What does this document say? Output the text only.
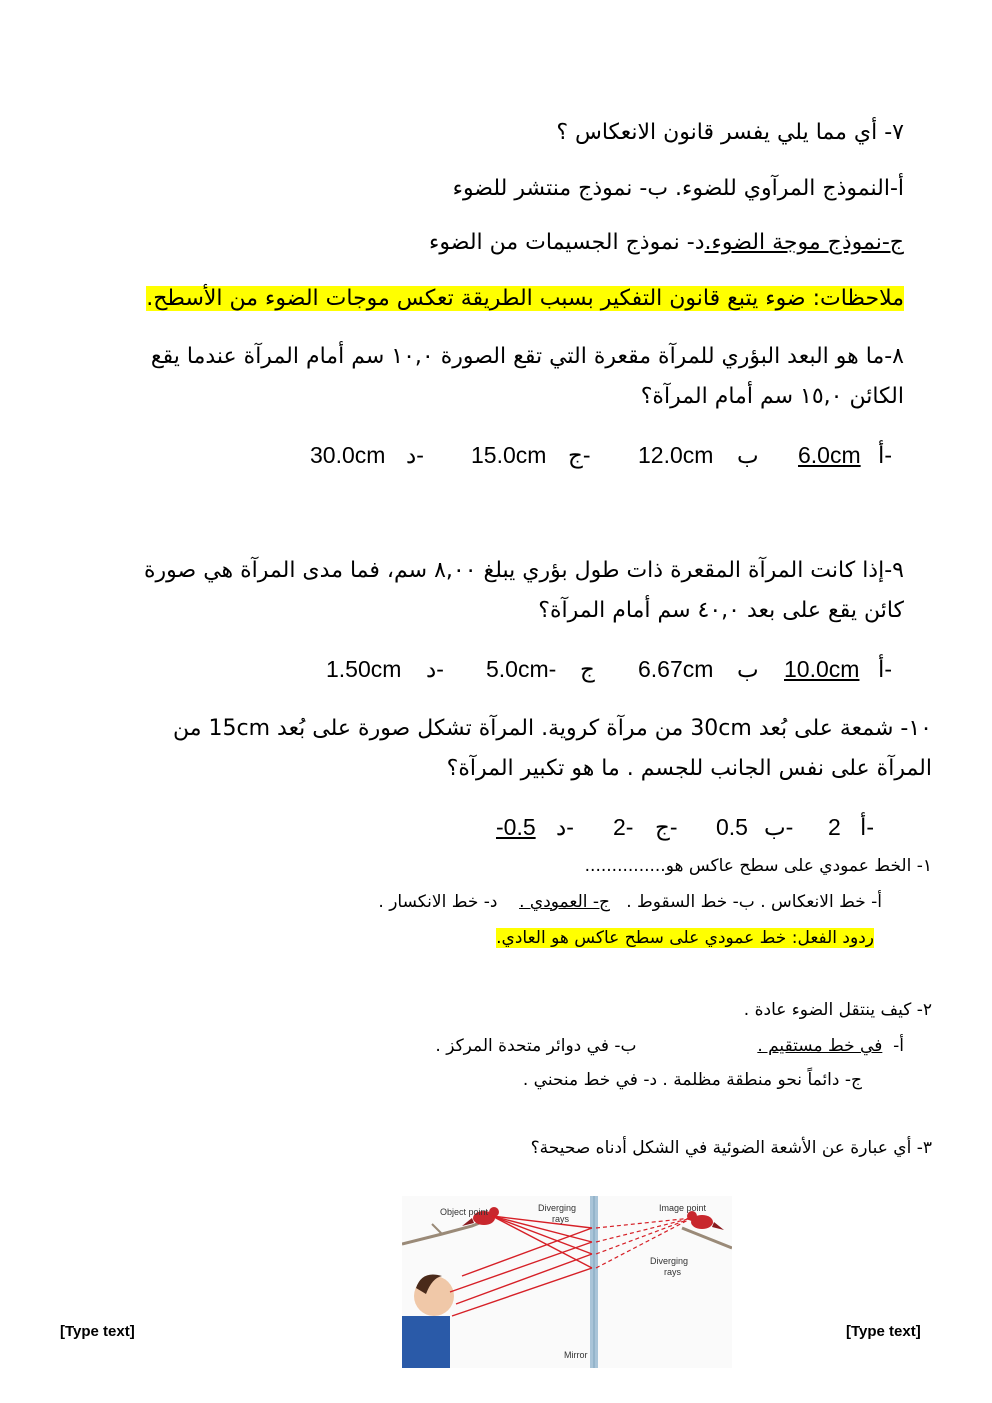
٧- أي مما يلي يفسر قانون الانعكاس ؟
أ-النموذج المرآوي للضوء. ب- نموذج منتشر للضوء
ج-نموذج موجة الضوء.د- نموذج الجسيمات من الضوء
ملاحظات: ضوء يتبع قانون التفكير بسبب الطريقة تعكس موجات الضوء من الأسطح.
٨-ما هو البعد البؤري للمرآة مقعرة التي تقع الصورة ١٠,٠ سم أمام المرآة عندما يقع
الكائن ١٥,٠ سم أمام المرآة؟
أ-
6.0cm
ب
12.0cm
ج-
15.0cm
د-
30.0cm
٩-إذا كانت المرآة المقعرة ذات طول بؤري يبلغ ٨,٠٠ سم، فما مدى المرآة هي صورة
كائن يقع على بعد ٤٠,٠ سم أمام المرآة؟
أ-
10.0cm
ب
6.67cm
ج
5.0cm-
د-
1.50cm
١٠- شمعة على بُعد 30cm من مرآة كروية. المرآة تشكل صورة على بُعد 15cm من
المرآة على نفس الجانب للجسم . ما هو تكبير المرآة؟
أ-
2
ب-
0.5
ج-
2-
د-
-0.5
١- الخط عمودي على سطح عاكس هو...............
أ- خط الانعكاس . ب- خط السقوط .   ج- العمودي .    د- خط الانكسار .
ردود الفعل: خط عمودي على سطح عاكس هو العادي.
٢- كيف ينتقل الضوء عادة .
أ-  في خط مستقيم .  ب- في دوائر متحدة المركز .
ج- دائماً نحو منطقة مظلمة . د- في خط منحني .
٣- أي عبارة عن الأشعة الضوئية في الشكل أدناه صحيحة؟
Object point	Diverging
rays
Image point
Diverging
rays
Mirror
[Type text]	[Type text]
